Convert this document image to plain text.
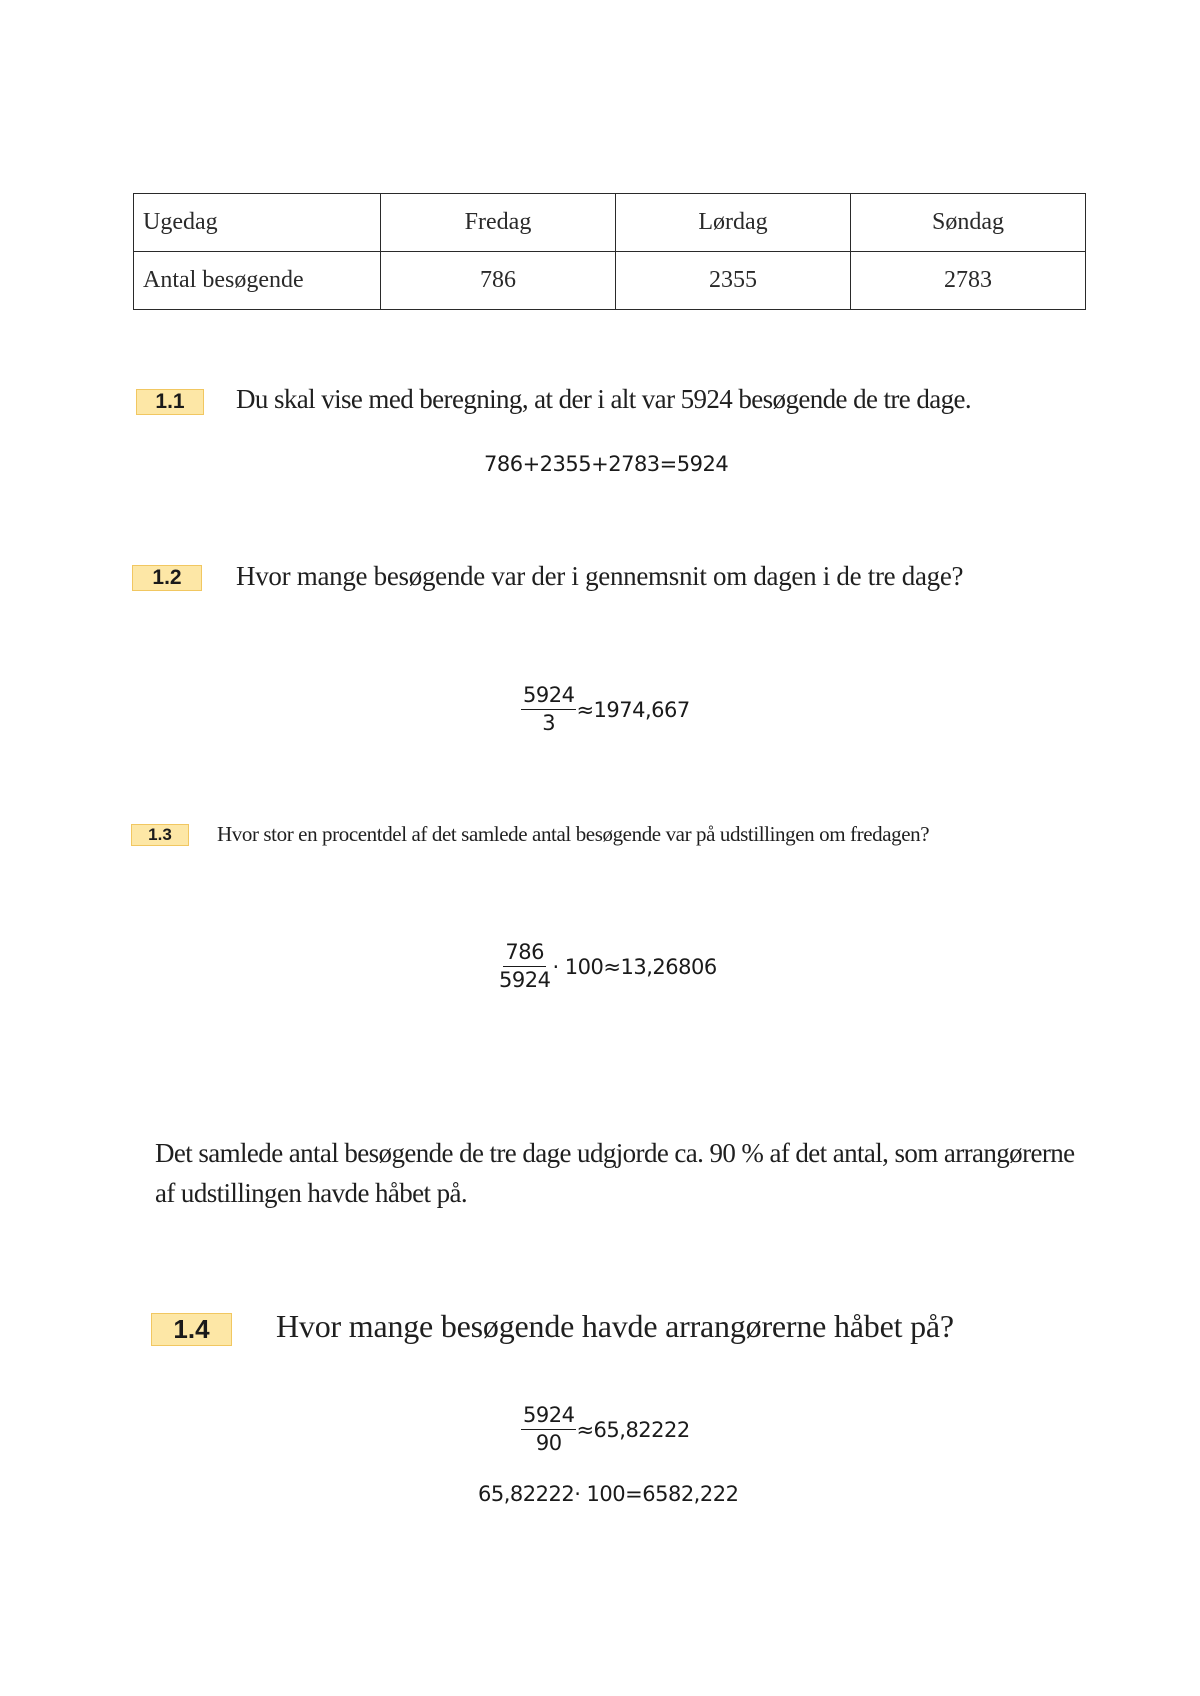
Ugedag	Fredag	Lørdag	Søndag
Antal besøgende	786	2355	2783
1.1	Du skal vise med beregning, at der i alt var 5924 besøgende de tre dage.
786+2355+2783=5924
1.2	Hvor mange besøgende var der i gennemsnit om dagen i de tre dage?
$\frac{5924}{3} \approx 1974,667$
1.3	Hvor stor en procentdel af det samlede antal besøgende var på udstillingen om fredagen?
$\frac{786}{5924} \cdot 100\approx 13,26806$
Det samlede antal besøgende de tre dage udgjorde ca. 90 % af det antal, som arrangørerne af udstillingen havde håbet på.
1.4	Hvor mange besøgende havde arrangørerne håbet på?
$\frac{5924}{90} \approx 65,82222$
65,82222· 100=6582,222
